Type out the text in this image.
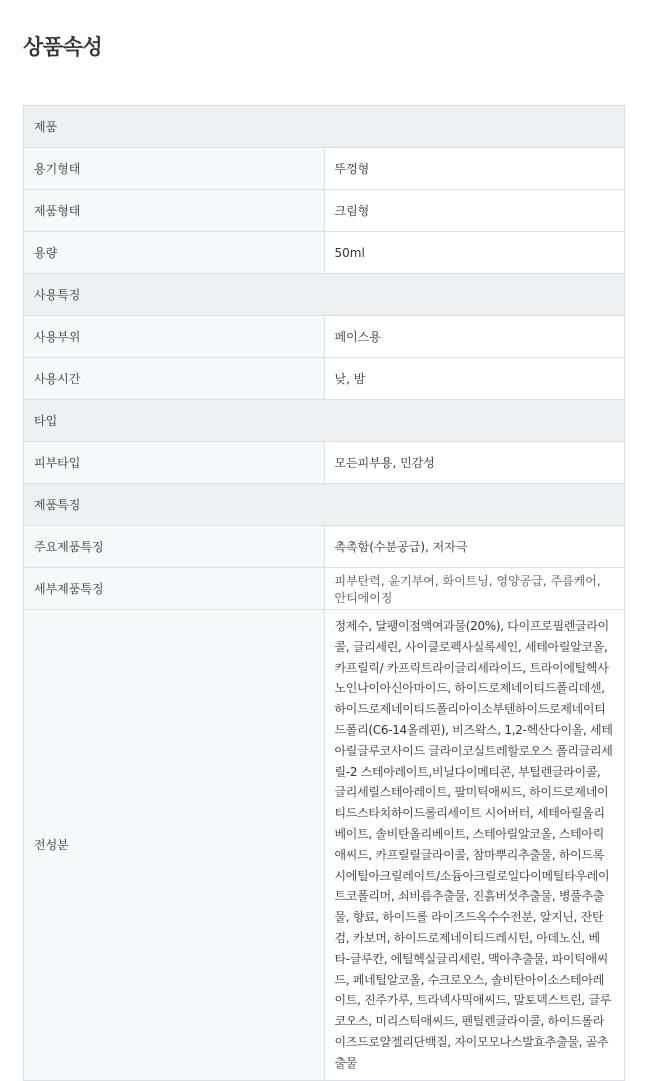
상품속성
제품	
용기형태	뚜껑형
제품형태	크림형
용량	50ml
사용특징	
사용부위	페이스용
사용시간	낮, 밤
타입	
피부타입	모든피부용, 민감성
제품특징	
주요제품특징	촉촉함(수분공급), 저자극
세부제품특징	피부탄력, 윤기부여, 화이트닝, 영양공급, 주름케어, 안티에이징
전성분	정제수, 달팽이점액여과물(20%), 다이프로필렌글라이콜, 글리세린, 사이클로펙사실록세인, 세테아릴알코올, 카프릴릭/ 카프릭트라이글리세라이드, 트라이에틸헥사노인나이아신아마이드, 하이드로제네이티드폴리데센, 하이드로제네이티드폴리아이소부텐하이드로제네이티드폴리(C6-14올레핀), 비즈왁스, 1,2-헥산다이올, 세테아릴글루코사이드 글라이코실트레할로오스 폴리글리세릴-2 스테아레이트,비닐다이메티콘, 부틸렌글라이콜, 글리세릴스테아레이트, 팔미틱애씨드, 하이드로제네이티드스타치하이드롤리세이트 시어버터, 세테아릴올리베이트, 솔비탄올리베이트, 스테아릴알코올, 스테아릭애씨드, 카프릴릴글라이콜, 참마뿌리추출물, 하이드록 시에틸아크릴레이트/소듐아크릴로일다이메틸타우레이트코폴리머, 쇠비름추출물, 진흙버섯추출물, 병풀추출물, 향료, 하이드롤 라이즈드옥수수전분, 알지닌, 잔탄검, 카보머, 하이드로제네이티드레시틴, 아데노신, 베타-글루칸, 에틸헥실글리세린, 맥아추출물, 파이틱애씨드, 페네틸알코올, 수크로오스, 솔비탄아이소스테아레이트, 진주가루, 트라넥사믹애씨드, 말토덱스트린, 글루코오스, 미리스틱애씨드, 펜틸렌글라이콜, 하이드롤라이즈드로얄젤리단백질, 자이모모나스발효추출물, 골추출물
